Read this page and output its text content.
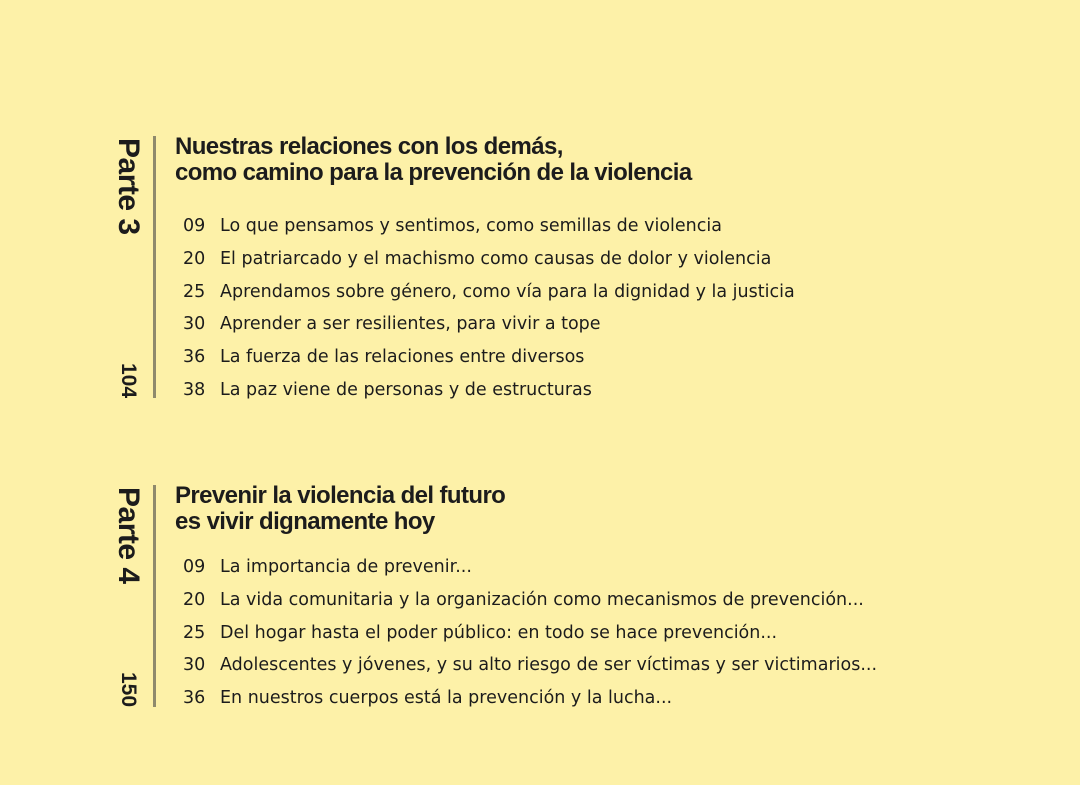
Parte 3
104
Nuestras relaciones con los demás,
como camino para la prevención de la violencia
09 Lo que pensamos y sentimos, como semillas de violencia
20 El patriarcado y el machismo como causas de dolor y violencia
25 Aprendamos sobre género, como vía para la dignidad y la justicia
30 Aprender a ser resilientes, para vivir a tope
36 La fuerza de las relaciones entre diversos
38 La paz viene de personas y de estructuras
Parte 4
150
Prevenir la violencia del futuro
es vivir dignamente hoy
09 La importancia de prevenir...
20 La vida comunitaria y la organización como mecanismos de prevención...
25 Del hogar hasta el poder público: en todo se hace prevención...
30 Adolescentes y jóvenes, y su alto riesgo de ser víctimas y ser victimarios...
36 En nuestros cuerpos está la prevención y la lucha...
